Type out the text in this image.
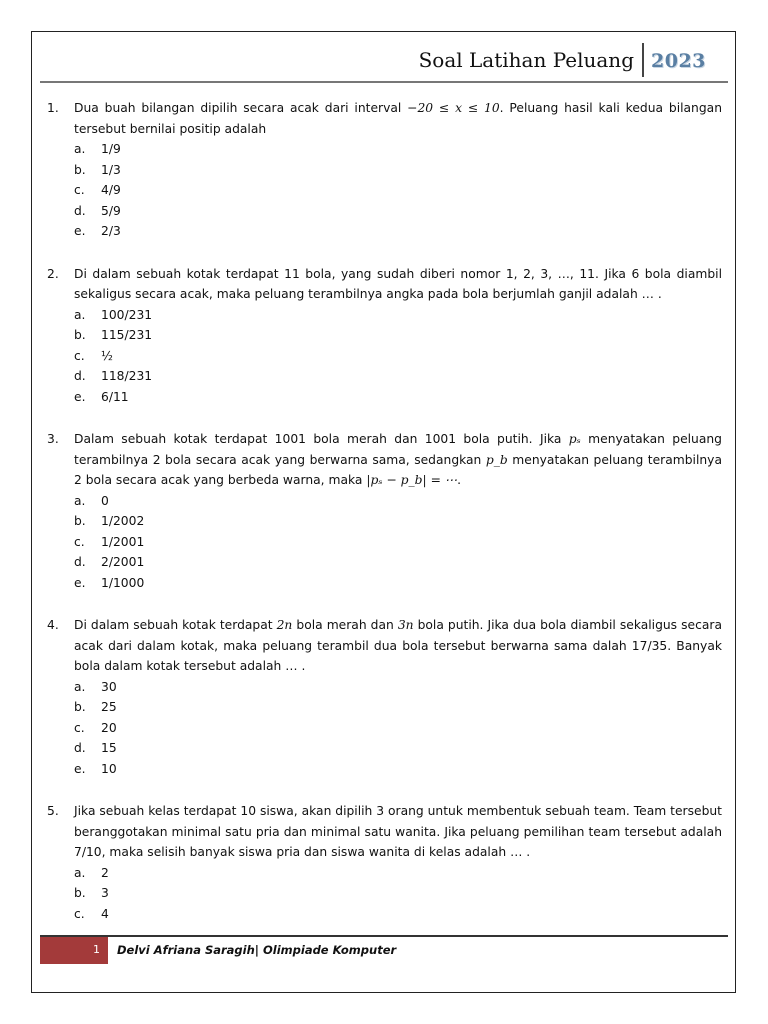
Soal Latihan Peluang 2023
1.	Dua buah bilangan dipilih secara acak dari interval −20 ≤ x ≤ 10. Peluang hasil kali kedua bilangan tersebut bernilai positip adalah
a.	1/9
b.	1/3
c.	4/9
d.	5/9
e.	2/3
2.	Di dalam sebuah kotak terdapat 11 bola, yang sudah diberi nomor 1, 2, 3, …, 11. Jika 6 bola diambil sekaligus secara acak, maka peluang terambilnya angka pada bola berjumlah ganjil adalah … .
a.	100/231
b.	115/231
c.	½
d.	118/231
e.	6/11
3.	Dalam sebuah kotak terdapat 1001 bola merah dan 1001 bola putih. Jika pₛ menyatakan peluang terambilnya 2 bola secara acak yang berwarna sama, sedangkan p_b menyatakan peluang terambilnya 2 bola secara acak yang berbeda warna, maka |pₛ − p_b| = ⋯.
a.	0
b.	1/2002
c.	1/2001
d.	2/2001
e.	1/1000
4.	Di dalam sebuah kotak terdapat 2n bola merah dan 3n bola putih. Jika dua bola diambil sekaligus secara acak dari dalam kotak, maka peluang terambil dua bola tersebut berwarna sama dalah 17/35. Banyak bola dalam kotak tersebut adalah … .
a.	30
b.	25
c.	20
d.	15
e.	10
5.	Jika sebuah kelas terdapat 10 siswa, akan dipilih 3 orang untuk membentuk sebuah team. Team tersebut beranggotakan minimal satu pria dan minimal satu wanita. Jika peluang pemilihan team tersebut adalah 7/10, maka selisih banyak siswa pria dan siswa wanita di kelas adalah … .
a.	2
b.	3
c.	4
1 Delvi Afriana Saragih| Olimpiade Komputer
